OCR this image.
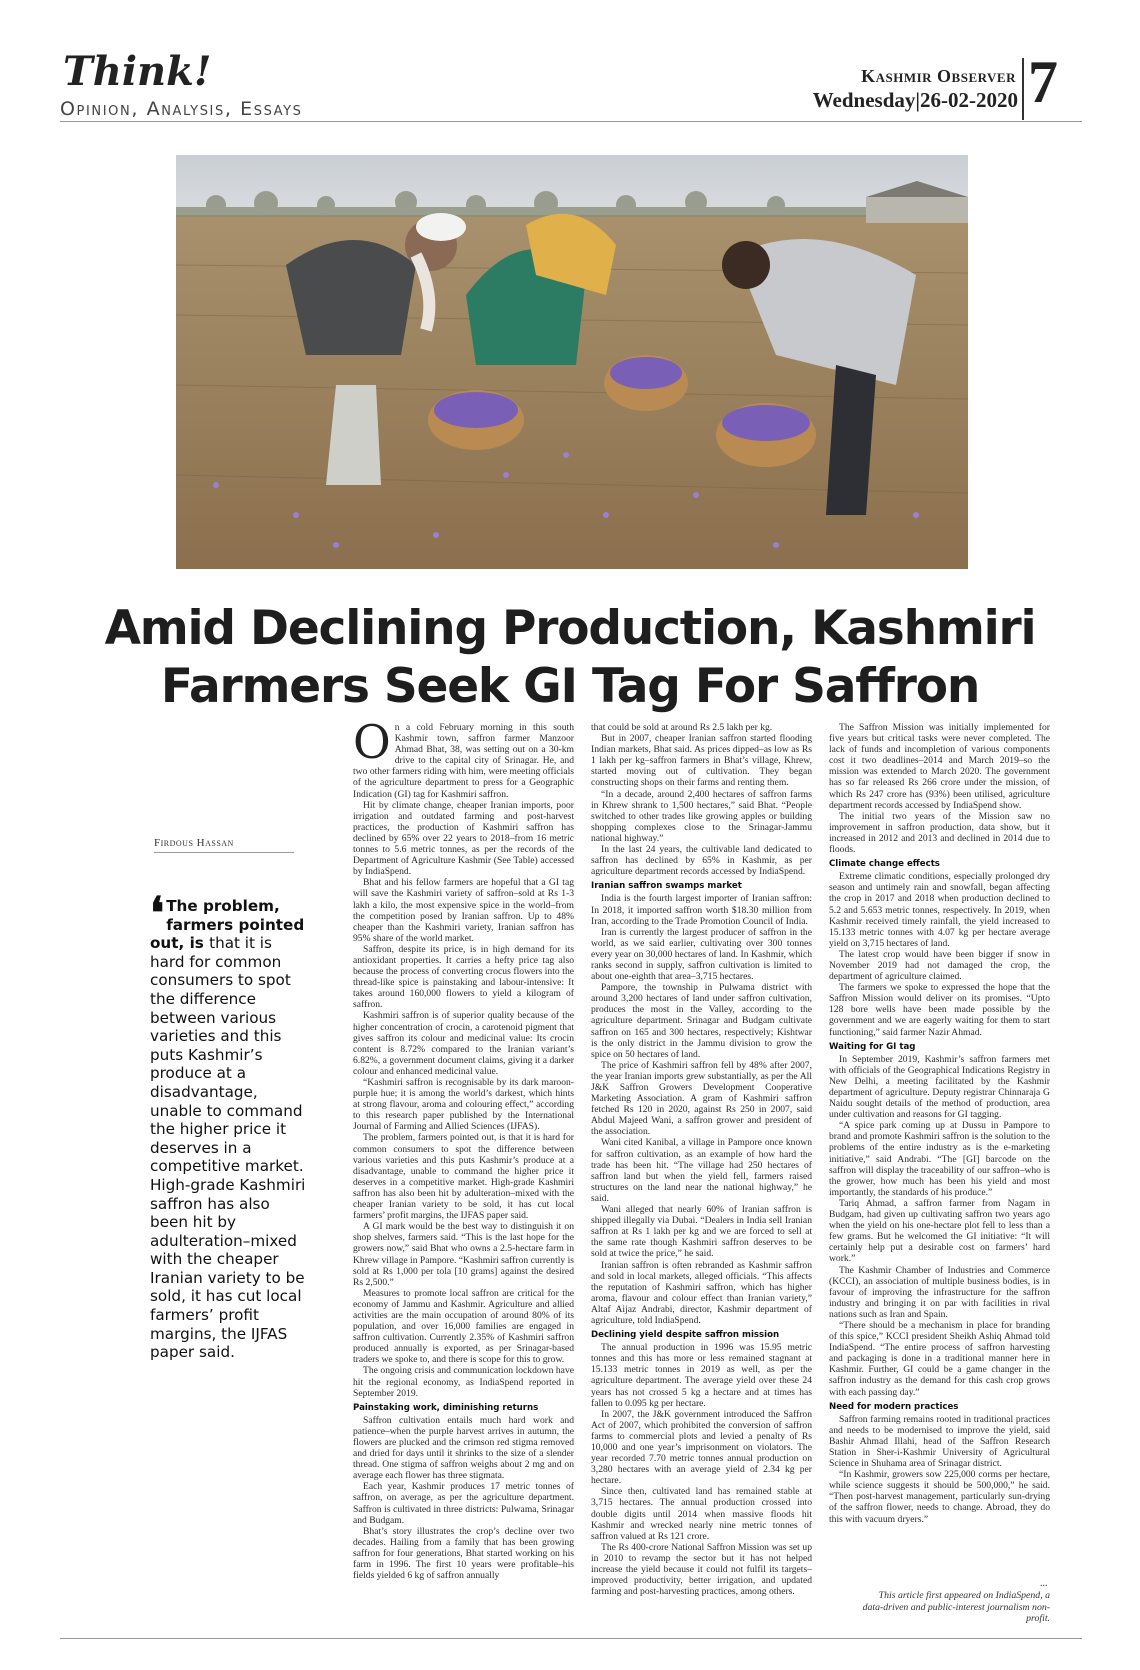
Think!
Opinion, Analysis, Essays
Kashmir Observer
Wednesday|26-02-2020 7
Amid Declining Production, Kashmiri Farmers Seek GI Tag For Saffron
Firdous Hassan
❛ The problem, farmers pointed out, is that it is hard for common consumers to spot the difference between various varieties and this puts Kashmir’s produce at a disadvantage, unable to command the higher price it deserves in a competitive market. High-grade Kashmiri saffron has also been hit by adulteration–mixed with the cheaper Iranian variety to be sold, it has cut local farmers’ profit margins, the IJFAS paper said.
O n a cold February morning in this south Kashmir town, saffron farmer Manzoor Ahmad Bhat, 38, was setting out on a 30-km drive to the capital city of Srinagar. He, and two other farmers riding with him, were meeting officials of the agriculture department to press for a Geographic Indication (GI) tag for Kashmiri saffron.

Hit by climate change, cheaper Iranian imports, poor irrigation and outdated farming and post-harvest practices, the production of Kashmiri saffron has declined by 65% over 22 years to 2018–from 16 metric tonnes to 5.6 metric tonnes, as per the records of the Department of Agriculture Kashmir (See Table) accessed by IndiaSpend.

Bhat and his fellow farmers are hopeful that a GI tag will save the Kashmiri variety of saffron–sold at Rs 1-3 lakh a kilo, the most expensive spice in the world–from the competition posed by Iranian saffron. Up to 48% cheaper than the Kashmiri variety, Iranian saffron has 95% share of the world market.

Saffron, despite its price, is in high demand for its antioxidant properties. It carries a hefty price tag also because the process of converting crocus flowers into the thread-like spice is painstaking and labour-intensive: It takes around 160,000 flowers to yield a kilogram of saffron.

Kashmiri saffron is of superior quality because of the higher concentration of crocin, a carotenoid pigment that gives saffron its colour and medicinal value: Its crocin content is 8.72% compared to the Iranian variant’s 6.82%, a government document claims, giving it a darker colour and enhanced medicinal value.

“Kashmiri saffron is recognisable by its dark maroon-purple hue; it is among the world’s darkest, which hints at strong flavour, aroma and colouring effect,” according to this research paper published by the International Journal of Farming and Allied Sciences (IJFAS).

The problem, farmers pointed out, is that it is hard for common consumers to spot the difference between various varieties and this puts Kashmir’s produce at a disadvantage, unable to command the higher price it deserves in a competitive market. High-grade Kashmiri saffron has also been hit by adulteration–mixed with the cheaper Iranian variety to be sold, it has cut local farmers’ profit margins, the IJFAS paper said.

A GI mark would be the best way to distinguish it on shop shelves, farmers said. “This is the last hope for the growers now,” said Bhat who owns a 2.5-hectare farm in Khrew village in Pampore. “Kashmiri saffron currently is sold at Rs 1,000 per tola [10 grams] against the desired Rs 2,500.”

Measures to promote local saffron are critical for the economy of Jammu and Kashmir. Agriculture and allied activities are the main occupation of around 80% of its population, and over 16,000 families are engaged in saffron cultivation. Currently 2.35% of Kashmiri saffron produced annually is exported, as per Srinagar-based traders we spoke to, and there is scope for this to grow.

The ongoing crisis and communication lockdown have hit the regional economy, as IndiaSpend reported in September 2019.

Painstaking work, diminishing returns

Saffron cultivation entails much hard work and patience–when the purple harvest arrives in autumn, the flowers are plucked and the crimson red stigma removed and dried for days until it shrinks to the size of a slender thread. One stigma of saffron weighs about 2 mg and on average each flower has three stigmata.

Each year, Kashmir produces 17 metric tonnes of saffron, on average, as per the agriculture department. Saffron is cultivated in three districts: Pulwama, Srinagar and Budgam.

Bhat’s story illustrates the crop’s decline over two decades. Hailing from a family that has been growing saffron for four generations, Bhat started working on his farm in 1996. The first 10 years were profitable–his fields yielded 6 kg of saffron annually

that could be sold at around Rs 2.5 lakh per kg.

But in 2007, cheaper Iranian saffron started flooding Indian markets, Bhat said. As prices dipped–as low as Rs 1 lakh per kg–saffron farmers in Bhat’s village, Khrew, started moving out of cultivation. They began constructing shops on their farms and renting them.

“In a decade, around 2,400 hectares of saffron farms in Khrew shrank to 1,500 hectares,” said Bhat. “People switched to other trades like growing apples or building shopping complexes close to the Srinagar-Jammu national highway.”

In the last 24 years, the cultivable land dedicated to saffron has declined by 65% in Kashmir, as per agriculture department records accessed by IndiaSpend.

Iranian saffron swamps market

India is the fourth largest importer of Iranian saffron: In 2018, it imported saffron worth $18.30 million from Iran, according to the Trade Promotion Council of India.

Iran is currently the largest producer of saffron in the world, as we said earlier, cultivating over 300 tonnes every year on 30,000 hectares of land. In Kashmir, which ranks second in supply, saffron cultivation is limited to about one-eighth that area–3,715 hectares.

Pampore, the township in Pulwama district with around 3,200 hectares of land under saffron cultivation, produces the most in the Valley, according to the agriculture department. Srinagar and Budgam cultivate saffron on 165 and 300 hectares, respectively; Kishtwar is the only district in the Jammu division to grow the spice on 50 hectares of land.

The price of Kashmiri saffron fell by 48% after 2007, the year Iranian imports grew substantially, as per the All J&K Saffron Growers Development Cooperative Marketing Association. A gram of Kashmiri saffron fetched Rs 120 in 2020, against Rs 250 in 2007, said Abdul Majeed Wani, a saffron grower and president of the association.

Wani cited Kanibal, a village in Pampore once known for saffron cultivation, as an example of how hard the trade has been hit. “The village had 250 hectares of saffron land but when the yield fell, farmers raised structures on the land near the national highway,” he said.

Wani alleged that nearly 60% of Iranian saffron is shipped illegally via Dubai. “Dealers in India sell Iranian saffron at Rs 1 lakh per kg and we are forced to sell at the same rate though Kashmiri saffron deserves to be sold at twice the price,” he said.

Iranian saffron is often rebranded as Kashmir saffron and sold in local markets, alleged officials. “This affects the reputation of Kashmiri saffron, which has higher aroma, flavour and colour effect than Iranian variety,” Altaf Aijaz Andrabi, director, Kashmir department of agriculture, told IndiaSpend.

Declining yield despite saffron mission

The annual production in 1996 was 15.95 metric tonnes and this has more or less remained stagnant at 15.133 metric tonnes in 2019 as well, as per the agriculture department. The average yield over these 24 years has not crossed 5 kg a hectare and at times has fallen to 0.095 kg per hectare.

In 2007, the J&K government introduced the Saffron Act of 2007, which prohibited the conversion of saffron farms to commercial plots and levied a penalty of Rs 10,000 and one year’s imprisonment on violators. The year recorded 7.70 metric tonnes annual production on 3,280 hectares with an average yield of 2.34 kg per hectare.

Since then, cultivated land has remained stable at 3,715 hectares. The annual production crossed into double digits until 2014 when massive floods hit Kashmir and wrecked nearly nine metric tonnes of saffron valued at Rs 121 crore.

The Rs 400-crore National Saffron Mission was set up in 2010 to revamp the sector but it has not helped increase the yield because it could not fulfil its targets–improved productivity, better irrigation, and updated farming and post-harvesting practices, among others.

The Saffron Mission was initially implemented for five years but critical tasks were never completed. The lack of funds and incompletion of various components cost it two deadlines–2014 and March 2019–so the mission was extended to March 2020. The government has so far released Rs 266 crore under the mission, of which Rs 247 crore has (93%) been utilised, agriculture department records accessed by IndiaSpend show.

The initial two years of the Mission saw no improvement in saffron production, data show, but it increased in 2012 and 2013 and declined in 2014 due to floods.

Climate change effects

Extreme climatic conditions, especially prolonged dry season and untimely rain and snowfall, began affecting the crop in 2017 and 2018 when production declined to 5.2 and 5.653 metric tonnes, respectively. In 2019, when Kashmir received timely rainfall, the yield increased to 15.133 metric tonnes with 4.07 kg per hectare average yield on 3,715 hectares of land.

The latest crop would have been bigger if snow in November 2019 had not damaged the crop, the department of agriculture claimed.

The farmers we spoke to expressed the hope that the Saffron Mission would deliver on its promises. “Upto 128 bore wells have been made possible by the government and we are eagerly waiting for them to start functioning,” said farmer Nazir Ahmad.

Waiting for GI tag

In September 2019, Kashmir’s saffron farmers met with officials of the Geographical Indications Registry in New Delhi, a meeting facilitated by the Kashmir department of agriculture. Deputy registrar Chinnaraja G Naidu sought details of the method of production, area under cultivation and reasons for GI tagging.

“A spice park coming up at Dussu in Pampore to brand and promote Kashmiri saffron is the solution to the problems of the entire industry as is the e-marketing initiative,” said Andrabi. “The [GI] barcode on the saffron will display the traceability of our saffron–who is the grower, how much has been his yield and most importantly, the standards of his produce.”

Tariq Ahmad, a saffron farmer from Nagam in Budgam, had given up cultivating saffron two years ago when the yield on his one-hectare plot fell to less than a few grams. But he welcomed the GI initiative: “It will certainly help put a desirable cost on farmers’ hard work.”

The Kashmir Chamber of Industries and Commerce (KCCI), an association of multiple business bodies, is in favour of improving the infrastructure for the saffron industry and bringing it on par with facilities in rival nations such as Iran and Spain.

“There should be a mechanism in place for branding of this spice,” KCCI president Sheikh Ashiq Ahmad told IndiaSpend. “The entire process of saffron harvesting and packaging is done in a traditional manner here in Kashmir. Further, GI could be a game changer in the saffron industry as the demand for this cash crop grows with each passing day.”

Need for modern practices

Saffron farming remains rooted in traditional practices and needs to be modernised to improve the yield, said Bashir Ahmad Illahi, head of the Saffron Research Station in Sher-i-Kashmir University of Agricultural Science in Shuhama area of Srinagar district.

“In Kashmir, growers sow 225,000 corms per hectare, while science suggests it should be 500,000,” he said. “Then post-harvest management, particularly sun-drying of the saffron flower, needs to change. Abroad, they do this with vacuum dryers.”

...
This article first appeared on IndiaSpend, a data-driven and public-interest journalism non-profit.
